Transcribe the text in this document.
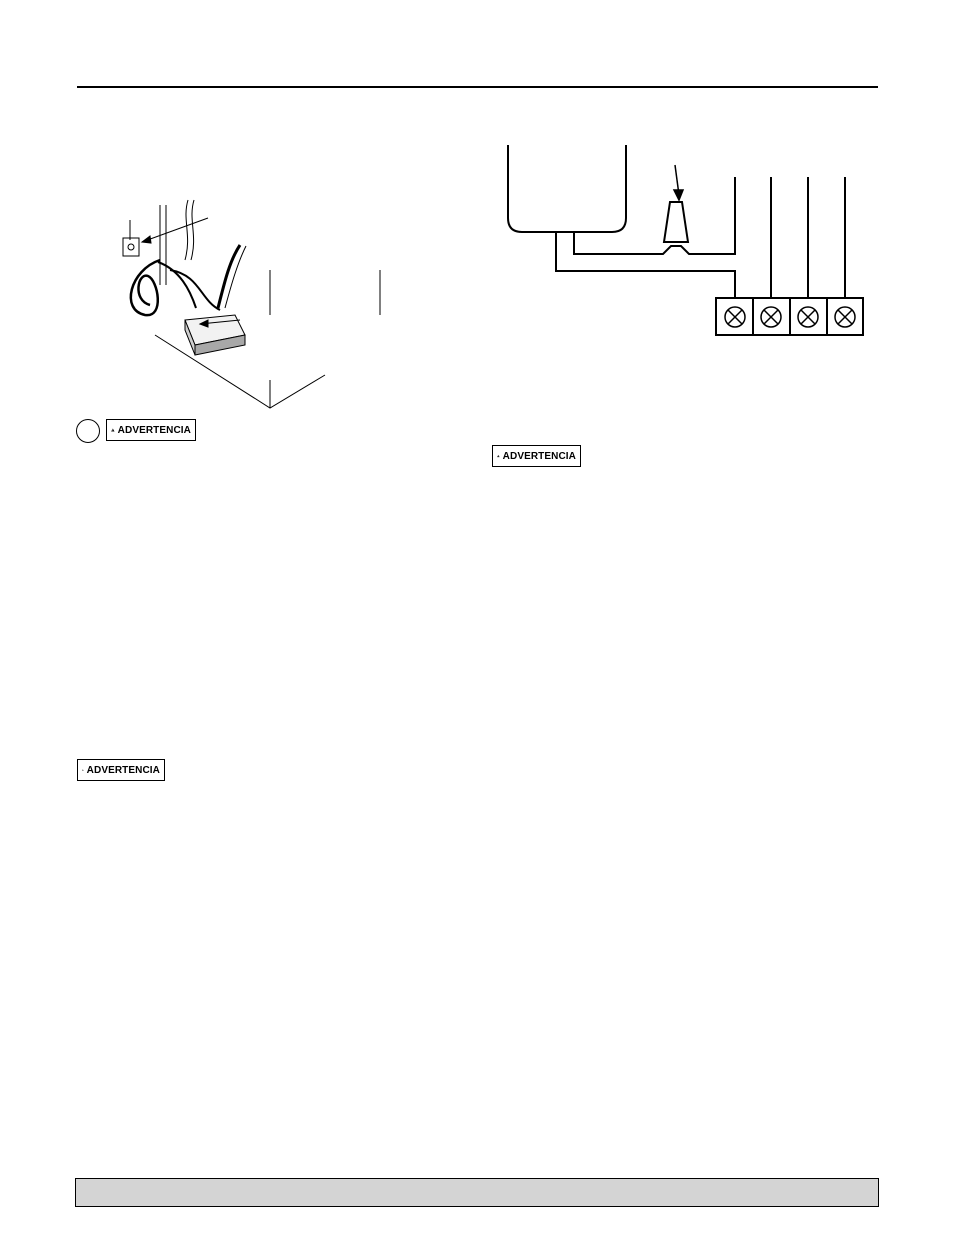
ADVERTENCIA
ADVERTENCIA
ADVERTENCIA
